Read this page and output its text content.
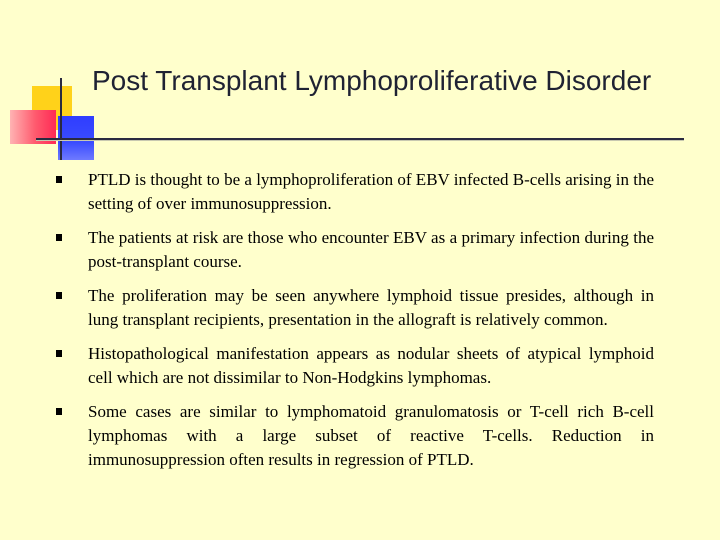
Post Transplant Lymphoproliferative Disorder
PTLD is thought to be a lymphoproliferation of EBV infected B-cells arising in the setting of over immunosuppression.
The patients at risk are those who encounter EBV as a primary infection during the post-transplant course.
The proliferation may be seen anywhere lymphoid tissue presides, although in lung transplant recipients, presentation in the allograft is relatively common.
Histopathological manifestation appears as nodular sheets of atypical lymphoid cell which are not dissimilar to Non-Hodgkins lymphomas.
Some cases are similar to lymphomatoid granulomatosis or T-cell rich B-cell lymphomas with a large subset of reactive T-cells. Reduction in immunosuppression often results in regression of PTLD.
